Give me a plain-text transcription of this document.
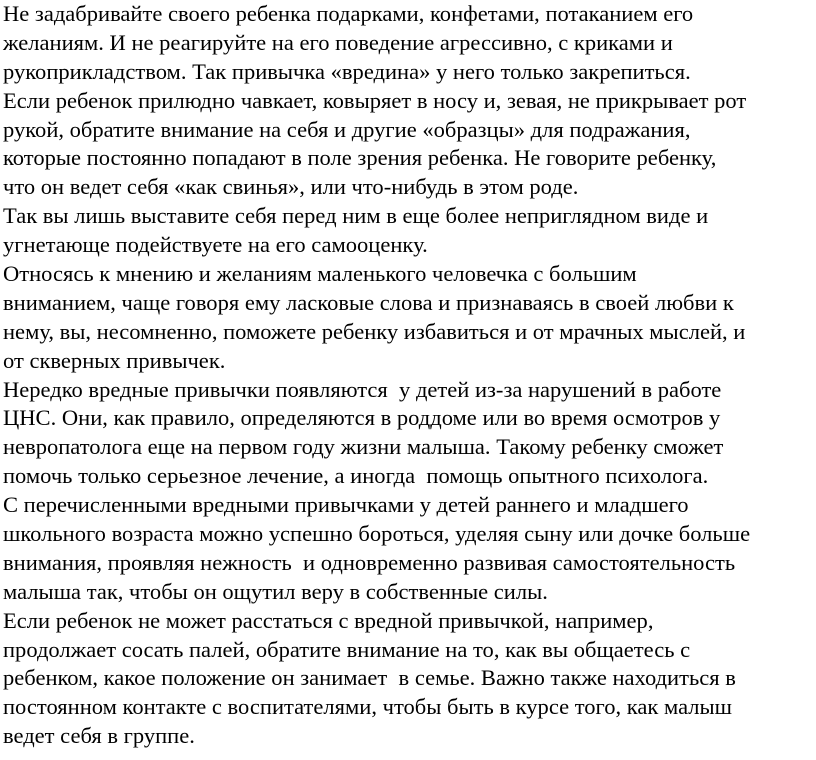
Не задабривайте своего ребенка подарками, конфетами, потаканием его
желаниям. И не реагируйте на его поведение агрессивно, с криками и
рукоприкладством. Так привычка «вредина» у него только закрепиться.
Если ребенок прилюдно чавкает, ковыряет в носу и, зевая, не прикрывает рот
рукой, обратите внимание на себя и другие «образцы» для подражания,
которые постоянно попадают в поле зрения ребенка. Не говорите ребенку,
что он ведет себя «как свинья», или что-нибудь в этом роде.
Так вы лишь выставите себя перед ним в еще более неприглядном виде и
угнетающе подействуете на его самооценку.
Относясь к мнению и желаниям маленького человечка с большим
вниманием, чаще говоря ему ласковые слова и признаваясь в своей любви к
нему, вы, несомненно, поможете ребенку избавиться и от мрачных мыслей, и
от скверных привычек.
Нередко вредные привычки появляются  у детей из-за нарушений в работе
ЦНС. Они, как правило, определяются в роддоме или во время осмотров у
невропатолога еще на первом году жизни малыша. Такому ребенку сможет
помочь только серьезное лечение, а иногда  помощь опытного психолога.
С перечисленными вредными привычками у детей раннего и младшего
школьного возраста можно успешно бороться, уделяя сыну или дочке больше
внимания, проявляя нежность  и одновременно развивая самостоятельность
малыша так, чтобы он ощутил веру в собственные силы.
Если ребенок не может расстаться с вредной привычкой, например,
продолжает сосать палей, обратите внимание на то, как вы общаетесь с
ребенком, какое положение он занимает  в семье. Важно также находиться в
постоянном контакте с воспитателями, чтобы быть в курсе того, как малыш
ведет себя в группе.
